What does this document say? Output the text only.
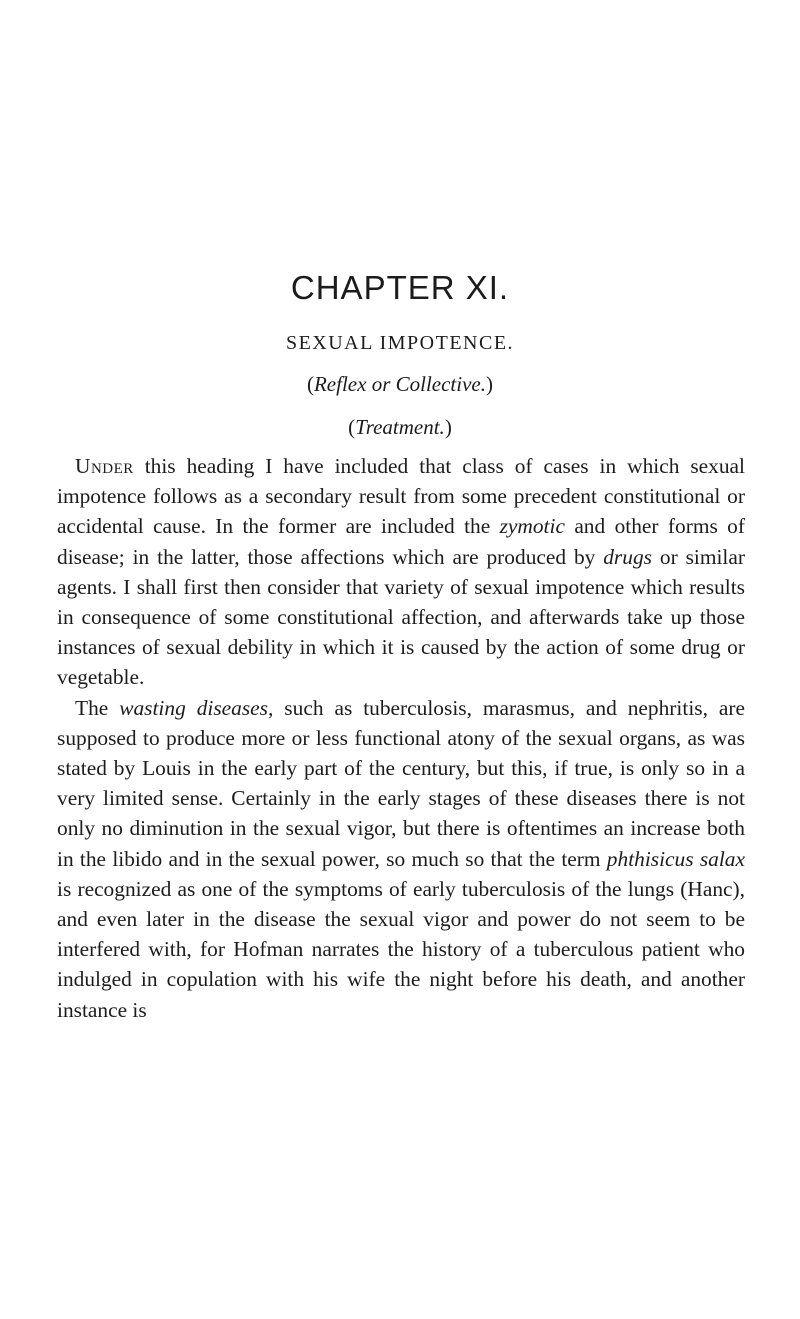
CHAPTER XI.
SEXUAL IMPOTENCE.
(Reflex or Collective.)
(Treatment.)

Under this heading I have included that class of cases in which sexual impotence follows as a secondary result from some precedent constitutional or accidental cause. In the former are included the zymotic and other forms of disease; in the latter, those affections which are produced by drugs or similar agents. I shall first then consider that variety of sexual impotence which results in consequence of some constitutional affection, and afterwards take up those instances of sexual debility in which it is caused by the action of some drug or vegetable.

The wasting diseases, such as tuberculosis, marasmus, and nephritis, are supposed to produce more or less functional atony of the sexual organs, as was stated by Louis in the early part of the century, but this, if true, is only so in a very limited sense. Certainly in the early stages of these diseases there is not only no diminution in the sexual vigor, but there is oftentimes an increase both in the libido and in the sexual power, so much so that the term phthisicus salax is recognized as one of the symptoms of early tuberculosis of the lungs (Hanc), and even later in the disease the sexual vigor and power do not seem to be interfered with, for Hofman narrates the history of a tuberculous patient who indulged in copulation with his wife the night before his death, and another instance is
